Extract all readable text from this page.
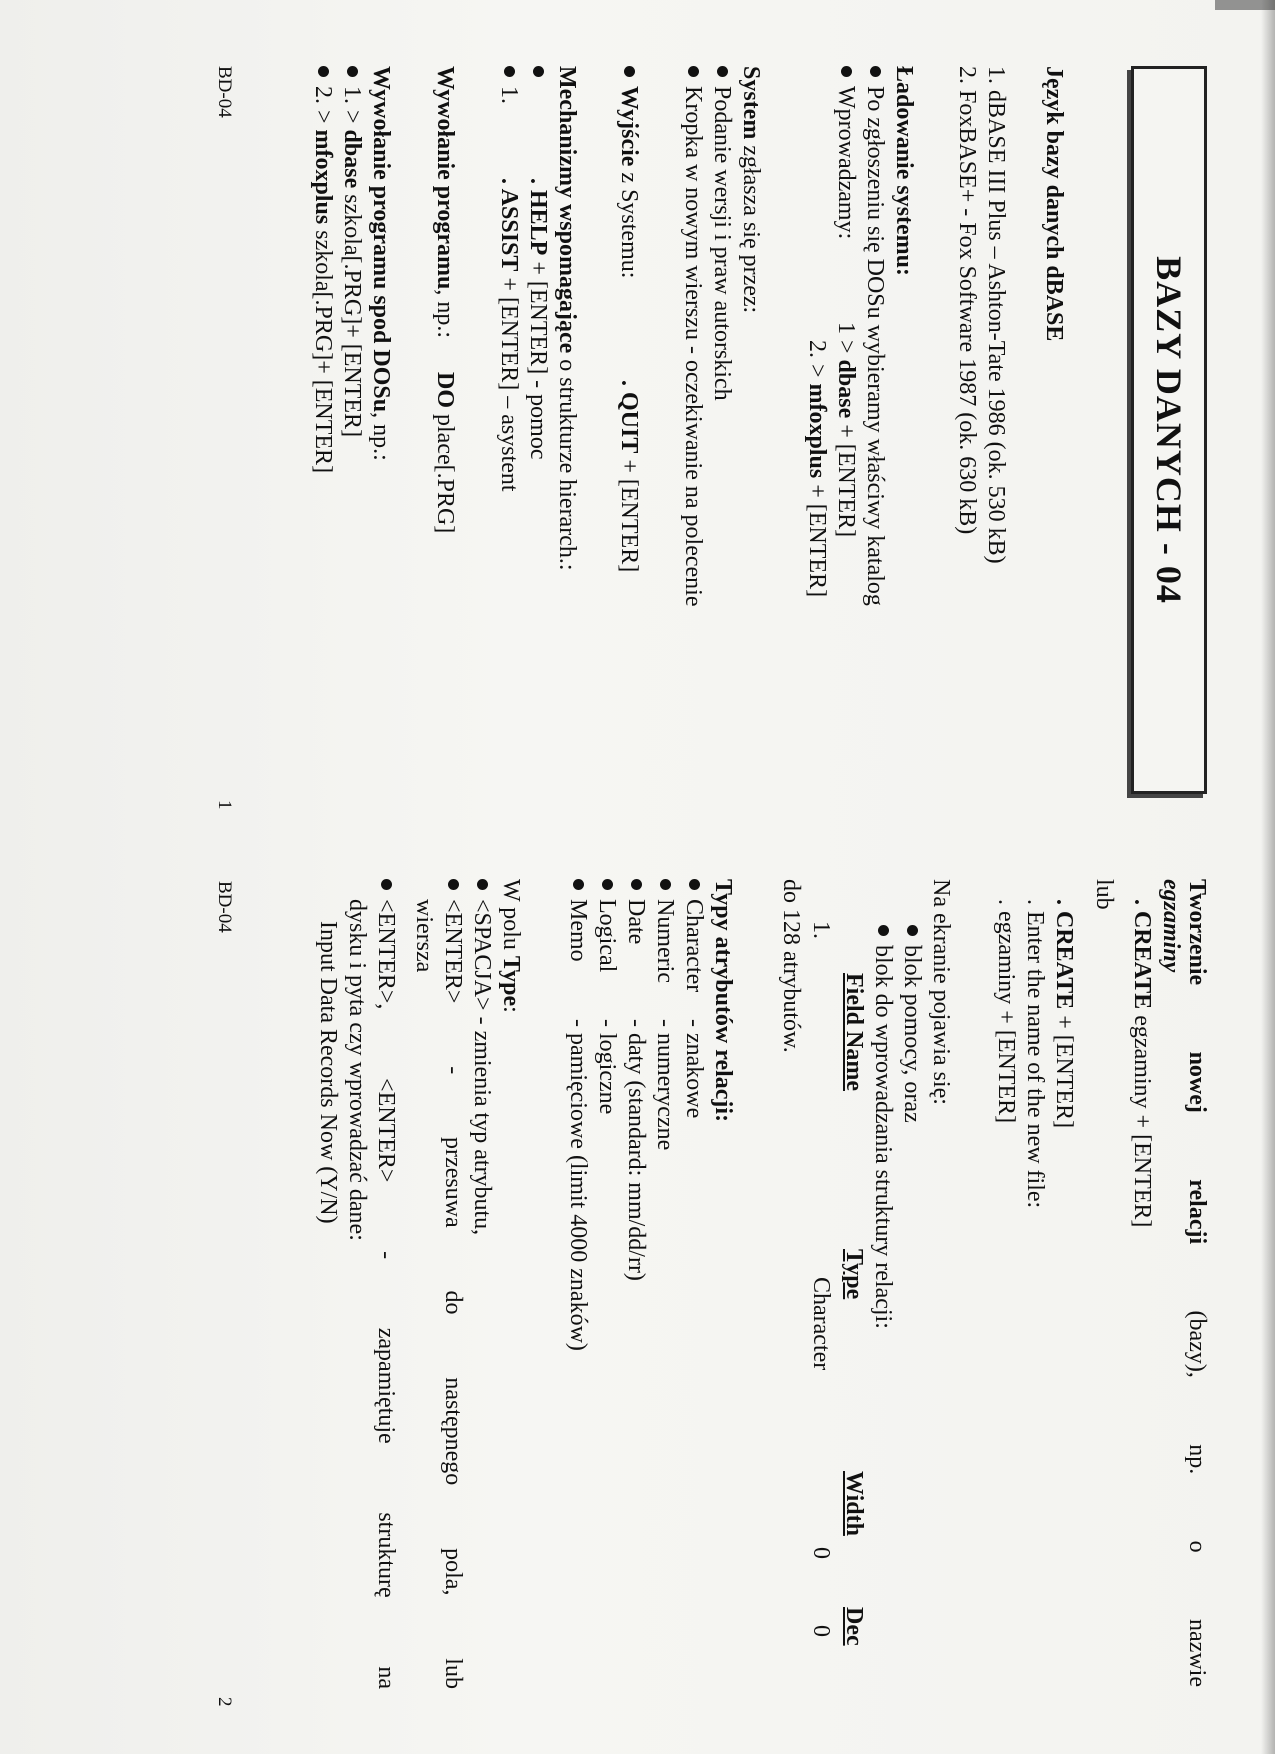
BAZY DANYCH - 04
Język bazy danych dBASE
1. dBASE III Plus – Ashton-Tate 1986 (ok. 530 kB)
2. FoxBASE+ - Fox Software 1987 (ok. 630 kB)
Ładowanie systemu:
Po zgłoszeniu się DOSu wybieramy właściwy katalog
Wprowadzamy:
1 > dbase + [ENTER]
2. > mfoxplus + [ENTER]
System zgłasza się przez:
Podanie wersji i praw autorskich
Kropka w nowym wierszu - oczekiwanie na polecenie
Wyjście z Systemu:
. QUIT + [ENTER]
Mechanizmy wspomagające o strukturze hierarch.:
. HELP + [ENTER] - pomoc
1.
. ASSIST + [ENTER] – asystent
Wywołanie programu, np.:
DO place[.PRG]
Wywołanie programu spod DOSu, np.:
1. > dbase szkola[.PRG]+ [ENTER]
2. > mfoxplus szkola[.PRG]+ [ENTER]
BD-04
1
Tworzenie
nowej
relacji
(bazy),
np.
o
nazwie
egzaminy
. CREATE egzaminy + [ENTER]
lub
. CREATE + [ENTER]
. Enter the name of the new file:
. egzaminy + [ENTER]
Na ekranie pojawia się:
blok pomocy, oraz
blok do wprowadzania struktury relacji:
Field Name
Type
Width
Dec
1.
Character
0
0
do 128 atrybutów.
Typy atrybutów relacji:
Character
- znakowe
Numeric
- numeryczne
Date
- daty (standard: mm/dd/rr)
Logical
- logiczne
Memo
- pamięciowe (limit 4000 znaków)
W polu Type:
<SPACJA> - zmienia typ atrybutu,
<ENTER>
-
przesuwa
do
następnego
pola,
lub
wiersza
<ENTER>,
<ENTER>
-
zapamiętuje
strukturę
na
dysku i pyta czy wprowadzać dane:
Input Data Records Now (Y/N)
BD-04
2
